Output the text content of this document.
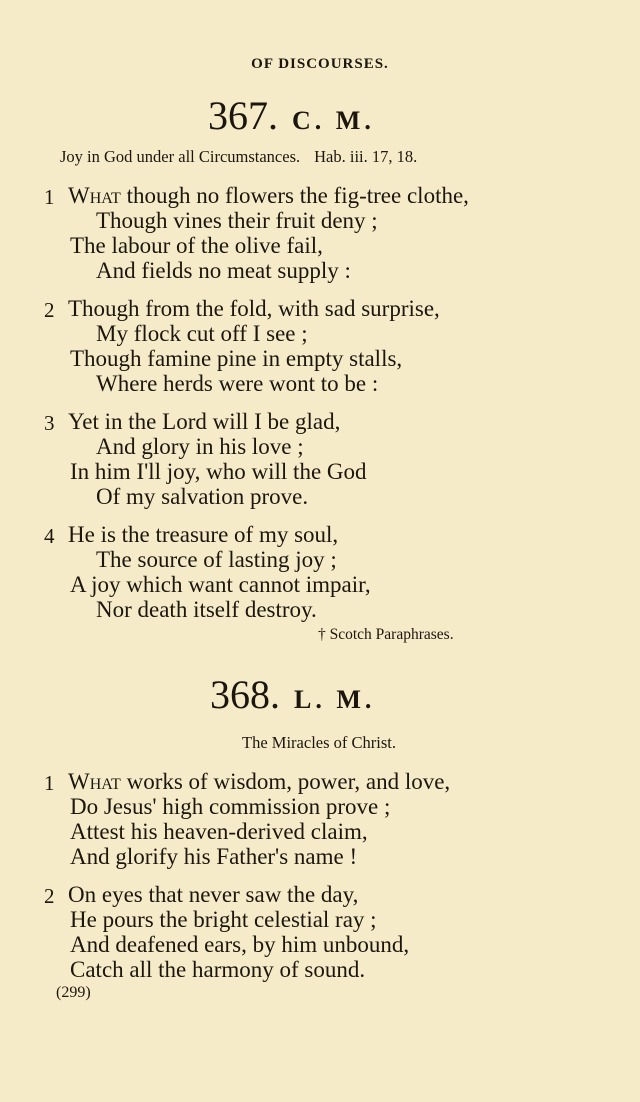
OF DISCOURSES.
367. C. M.
Joy in God under all Circumstances. Hab. iii. 17, 18.
1 What though no flowers the fig-tree clothe,
Though vines their fruit deny ;
The labour of the olive fail,
And fields no meat supply :
2 Though from the fold, with sad surprise,
My flock cut off I see ;
Though famine pine in empty stalls,
Where herds were wont to be :
3 Yet in the Lord will I be glad,
And glory in his love ;
In him I'll joy, who will the God
Of my salvation prove.
4 He is the treasure of my soul,
The source of lasting joy ;
A joy which want cannot impair,
Nor death itself destroy.
† Scotch Paraphrases.
368. L. M.
The Miracles of Christ.
1 What works of wisdom, power, and love,
Do Jesus' high commission prove ;
Attest his heaven-derived claim,
And glorify his Father's name !
2 On eyes that never saw the day,
He pours the bright celestial ray ;
And deafened ears, by him unbound,
Catch all the harmony of sound.
(299)
